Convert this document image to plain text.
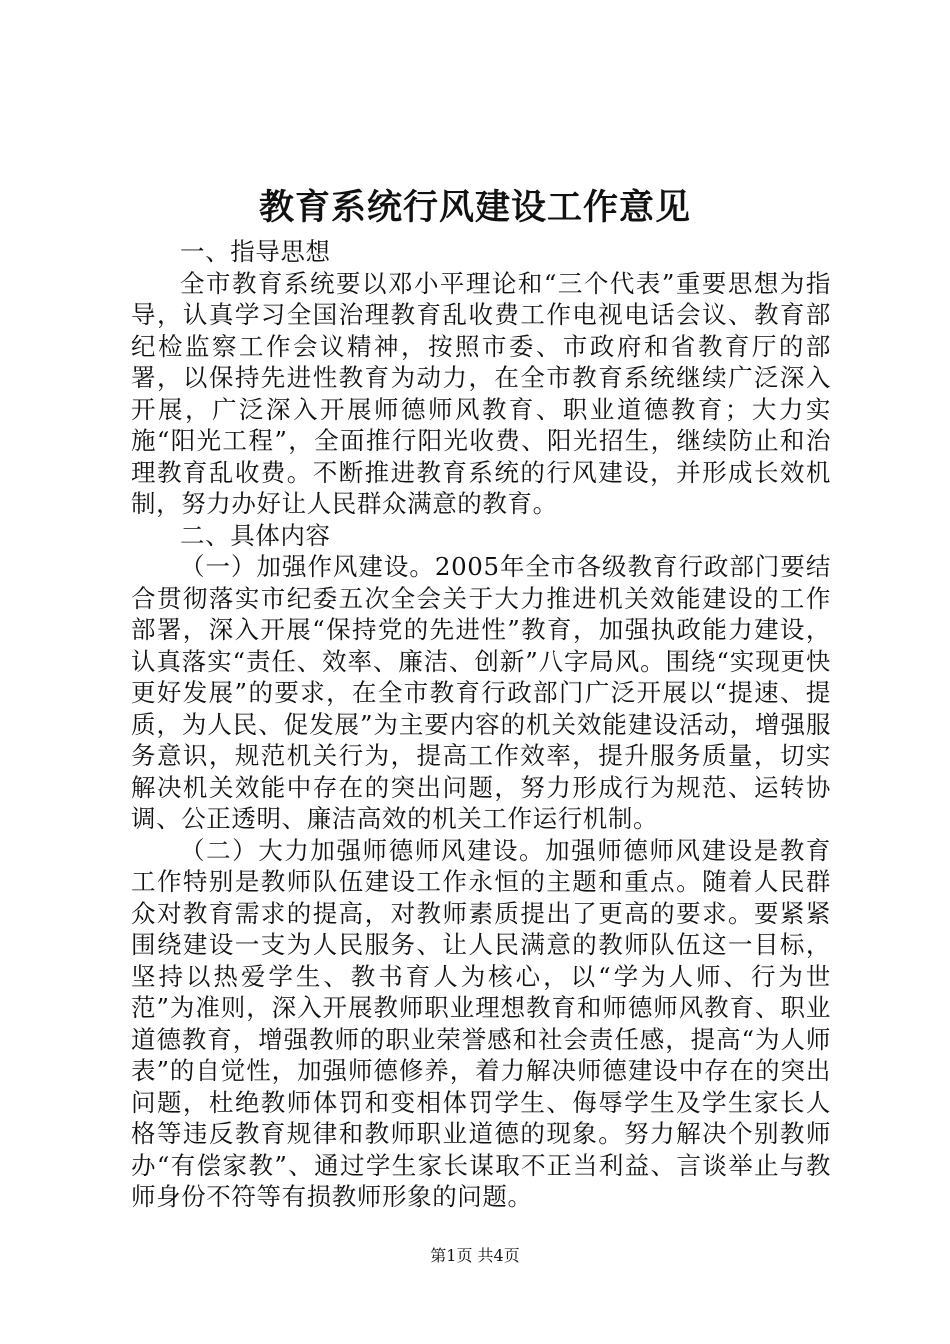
教育系统行风建设工作意见

一、指导思想

全市教育系统要以邓小平理论和“三个代表”重要思想为指导，认真学习全国治理教育乱收费工作电视电话会议、教育部纪检监察工作会议精神，按照市委、市政府和省教育厅的部署，以保持先进性教育为动力，在全市教育系统继续广泛深入开展，广泛深入开展师德师风教育、职业道德教育；大力实施“阳光工程”，全面推行阳光收费、阳光招生，继续防止和治理教育乱收费。不断推进教育系统的行风建设，并形成长效机制，努力办好让人民群众满意的教育。

二、具体内容

（一）加强作风建设。2005年全市各级教育行政部门要结合贯彻落实市纪委五次全会关于大力推进机关效能建设的工作部署，深入开展“保持党的先进性”教育，加强执政能力建设，认真落实“责任、效率、廉洁、创新”八字局风。围绕“实现更快更好发展”的要求，在全市教育行政部门广泛开展以“提速、提质，为人民、促发展”为主要内容的机关效能建设活动，增强服务意识，规范机关行为，提高工作效率，提升服务质量，切实解决机关效能中存在的突出问题，努力形成行为规范、运转协调、公正透明、廉洁高效的机关工作运行机制。

（二）大力加强师德师风建设。加强师德师风建设是教育工作特别是教师队伍建设工作永恒的主题和重点。随着人民群众对教育需求的提高，对教师素质提出了更高的要求。要紧紧围绕建设一支为人民服务、让人民满意的教师队伍这一目标，坚持以热爱学生、教书育人为核心，以“学为人师、行为世范”为准则，深入开展教师职业理想教育和师德师风教育、职业道德教育，增强教师的职业荣誉感和社会责任感，提高“为人师表”的自觉性，加强师德修养，着力解决师德建设中存在的突出问题，杜绝教师体罚和变相体罚学生、侮辱学生及学生家长人格等违反教育规律和教师职业道德的现象。努力解决个别教师办“有偿家教”、通过学生家长谋取不正当利益、言谈举止与教师身份不符等有损教师形象的问题。

第1页 共4页
